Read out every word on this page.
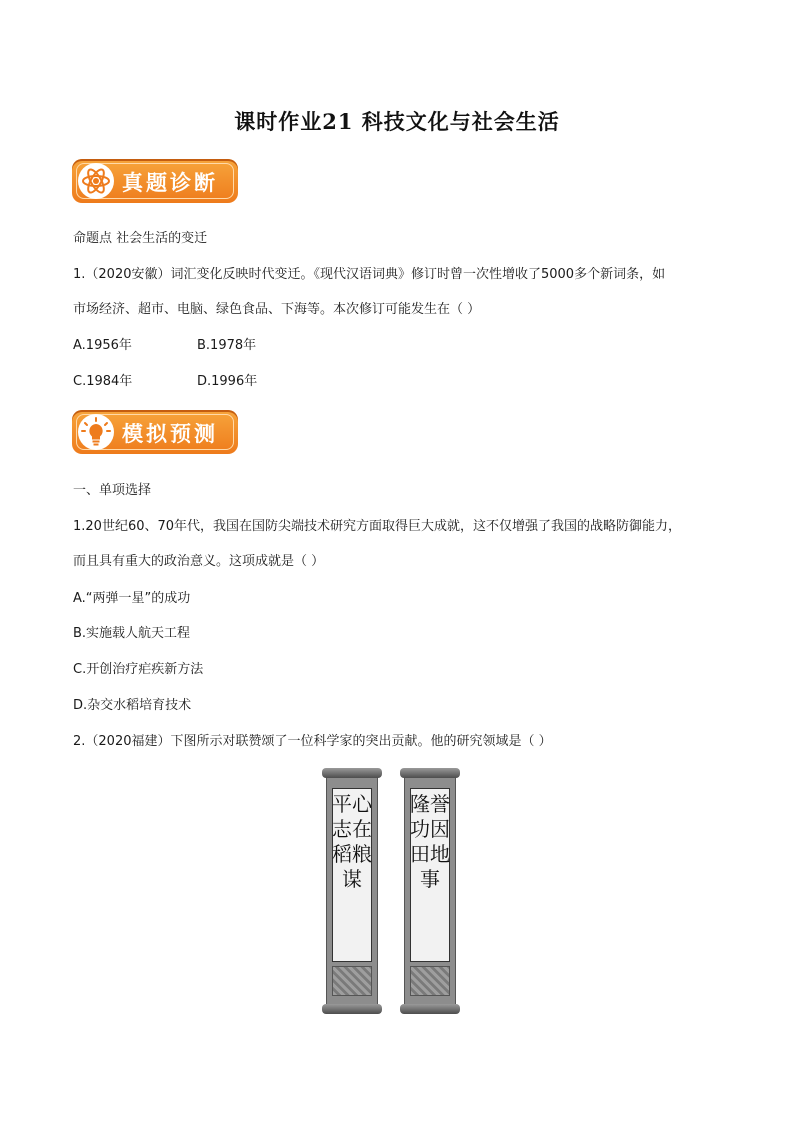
课时作业21 科技文化与社会生活
真题诊断
命题点 社会生活的变迁
1.（2020安徽）词汇变化反映时代变迁。《现代汉语词典》修订时曾一次性增收了5000多个新词条，如
市场经济、超市、电脑、绿色食品、下海等。本次修订可能发生在（ ）
A.1956年	B.1978年
C.1984年	D.1996年
模拟预测
一、单项选择
1.20世纪60、70年代，我国在国防尖端技术研究方面取得巨大成就，这不仅增强了我国的战略防御能力，
而且具有重大的政治意义。这项成就是（ ）
A.“两弹一星”的成功
B.实施载人航天工程
C.开创治疗疟疾新方法
D.杂交水稻培育技术
2.（2020福建）下图所示对联赞颂了一位科学家的突出贡献。他的研究领域是（ ）
平心志在稻粮谋
隆誉功因田地事
